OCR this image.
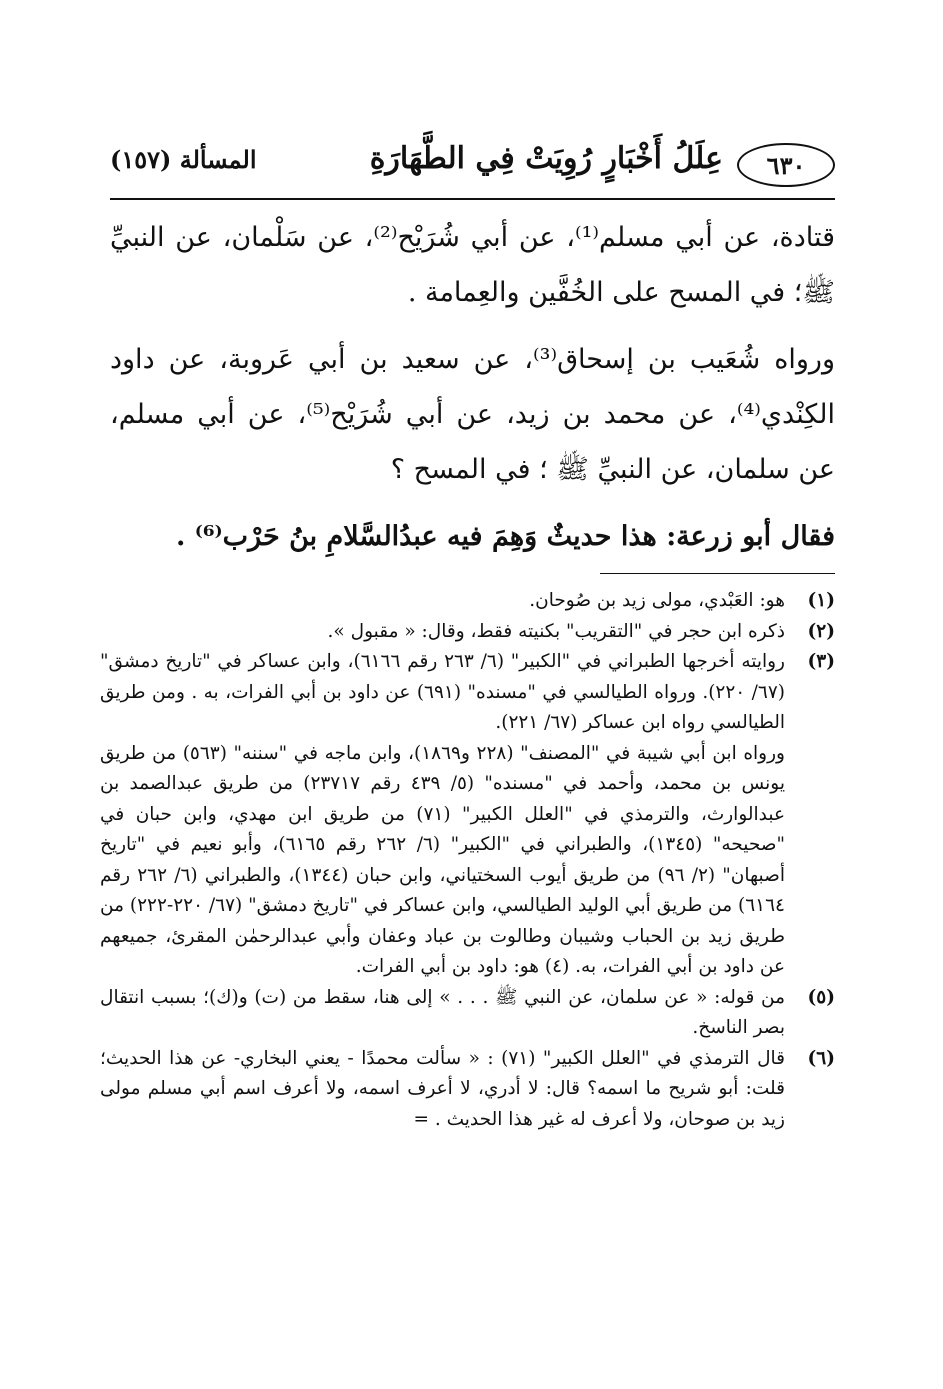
٦٣٠
عِلَلُ أَخْبَارٍ رُوِيَتْ فِي الطَّهَارَةِ
المسألة (١٥٧)

قتادة، عن أبي مسلم⁽¹⁾، عن أبي شُرَيْح⁽²⁾، عن سَلْمان، عن النبيِّ ﷺ؛ في المسح على الخُفَّين والعِمامة .

ورواه شُعَيب بن إسحاق⁽³⁾، عن سعيد بن أبي عَروبة، عن داود الكِنْدي⁽⁴⁾، عن محمد بن زيد، عن أبي شُرَيْح⁽⁵⁾، عن أبي مسلم، عن سلمان، عن النبيِّ ﷺ ؛ في المسح ؟

فقال أبو زرعة: هذا حديثٌ وَهِمَ فيه عبدُالسَّلامِ بنُ حَرْب⁽⁶⁾ .

(١)

هو: العَبْدي، مولى زيد بن صُوحان.

(٢)

ذكره ابن حجر في "التقريب" بكنيته فقط، وقال: « مقبول ».

(٣)

روايته أخرجها الطبراني في "الكبير" (٦/ ٢٦٣ رقم ٦١٦٦)، وابن عساكر في "تاريخ دمشق" (٦٧/ ٢٢٠). ورواه الطيالسي في "مسنده" (٦٩١) عن داود بن أبي الفرات، به . ومن طريق الطيالسي رواه ابن عساكر (٦٧/ ٢٢١).

ورواه ابن أبي شيبة في "المصنف" (٢٢٨ و١٨٦٩)، وابن ماجه في "سننه" (٥٦٣) من طريق يونس بن محمد، وأحمد في "مسنده" (٥/ ٤٣٩ رقم ٢٣٧١٧) من طريق عبدالصمد بن عبدالوارث، والترمذي في "العلل الكبير" (٧١) من طريق ابن مهدي، وابن حبان في "صحيحه" (١٣٤٥)، والطبراني في "الكبير" (٦/ ٢٦٢ رقم ٦١٦٥)، وأبو نعيم في "تاريخ أصبهان" (٢/ ٩٦) من طريق أيوب السختياني، وابن حبان (١٣٤٤)، والطبراني (٦/ ٢٦٢ رقم ٦١٦٤) من طريق أبي الوليد الطيالسي، وابن عساكر في "تاريخ دمشق" (٦٧/ ٢٢٠-٢٢٢) من طريق زيد بن الحباب وشيبان وطالوت بن عباد وعفان وأبي عبدالرحمٰن المقرئ، جميعهم عن داود بن أبي الفرات، به. (٤) هو: داود بن أبي الفرات.

(٥)

من قوله: « عن سلمان، عن النبي ﷺ . . . » إلى هنا، سقط من (ت) و(ك)؛ بسبب انتقال بصر الناسخ.

(٦)

قال الترمذي في "العلل الكبير" (٧١) : « سألت محمدًا - يعني البخاري- عن هذا الحديث؛ قلت: أبو شريح ما اسمه؟ قال: لا أدري، لا أعرف اسمه، ولا أعرف اسم أبي مسلم مولى زيد بن صوحان، ولا أعرف له غير هذا الحديث . =
